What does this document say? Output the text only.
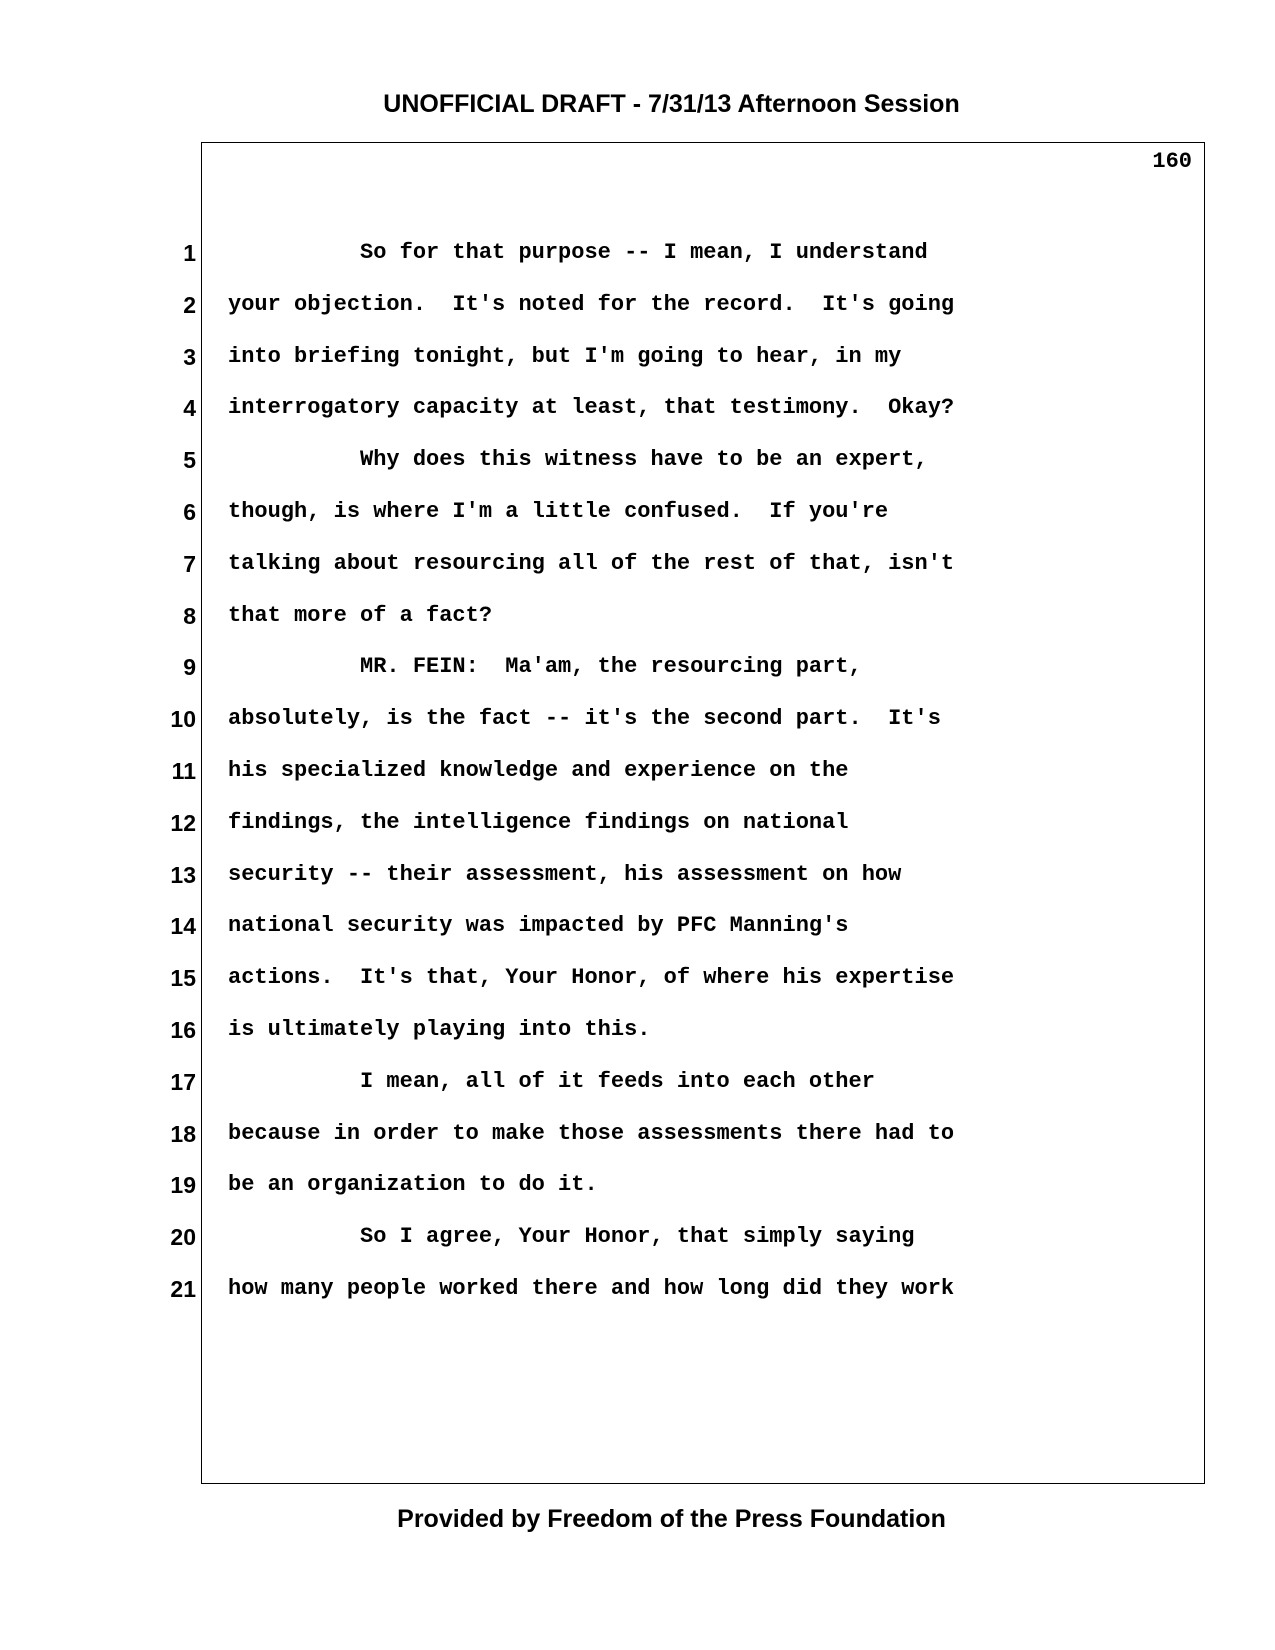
UNOFFICIAL DRAFT - 7/31/13 Afternoon Session
160
1 So for that purpose -- I mean, I understand
2 your objection.  It's noted for the record.  It's going
3 into briefing tonight, but I'm going to hear, in my
4 interrogatory capacity at least, that testimony.  Okay?
5 Why does this witness have to be an expert,
6 though, is where I'm a little confused.  If you're
7 talking about resourcing all of the rest of that, isn't
8 that more of a fact?
9 MR. FEIN:  Ma'am, the resourcing part,
10 absolutely, is the fact -- it's the second part.  It's
11 his specialized knowledge and experience on the
12 findings, the intelligence findings on national
13 security -- their assessment, his assessment on how
14 national security was impacted by PFC Manning's
15 actions.  It's that, Your Honor, of where his expertise
16 is ultimately playing into this.
17 I mean, all of it feeds into each other
18 because in order to make those assessments there had to
19 be an organization to do it.
20 So I agree, Your Honor, that simply saying
21 how many people worked there and how long did they work
Provided by Freedom of the Press Foundation
